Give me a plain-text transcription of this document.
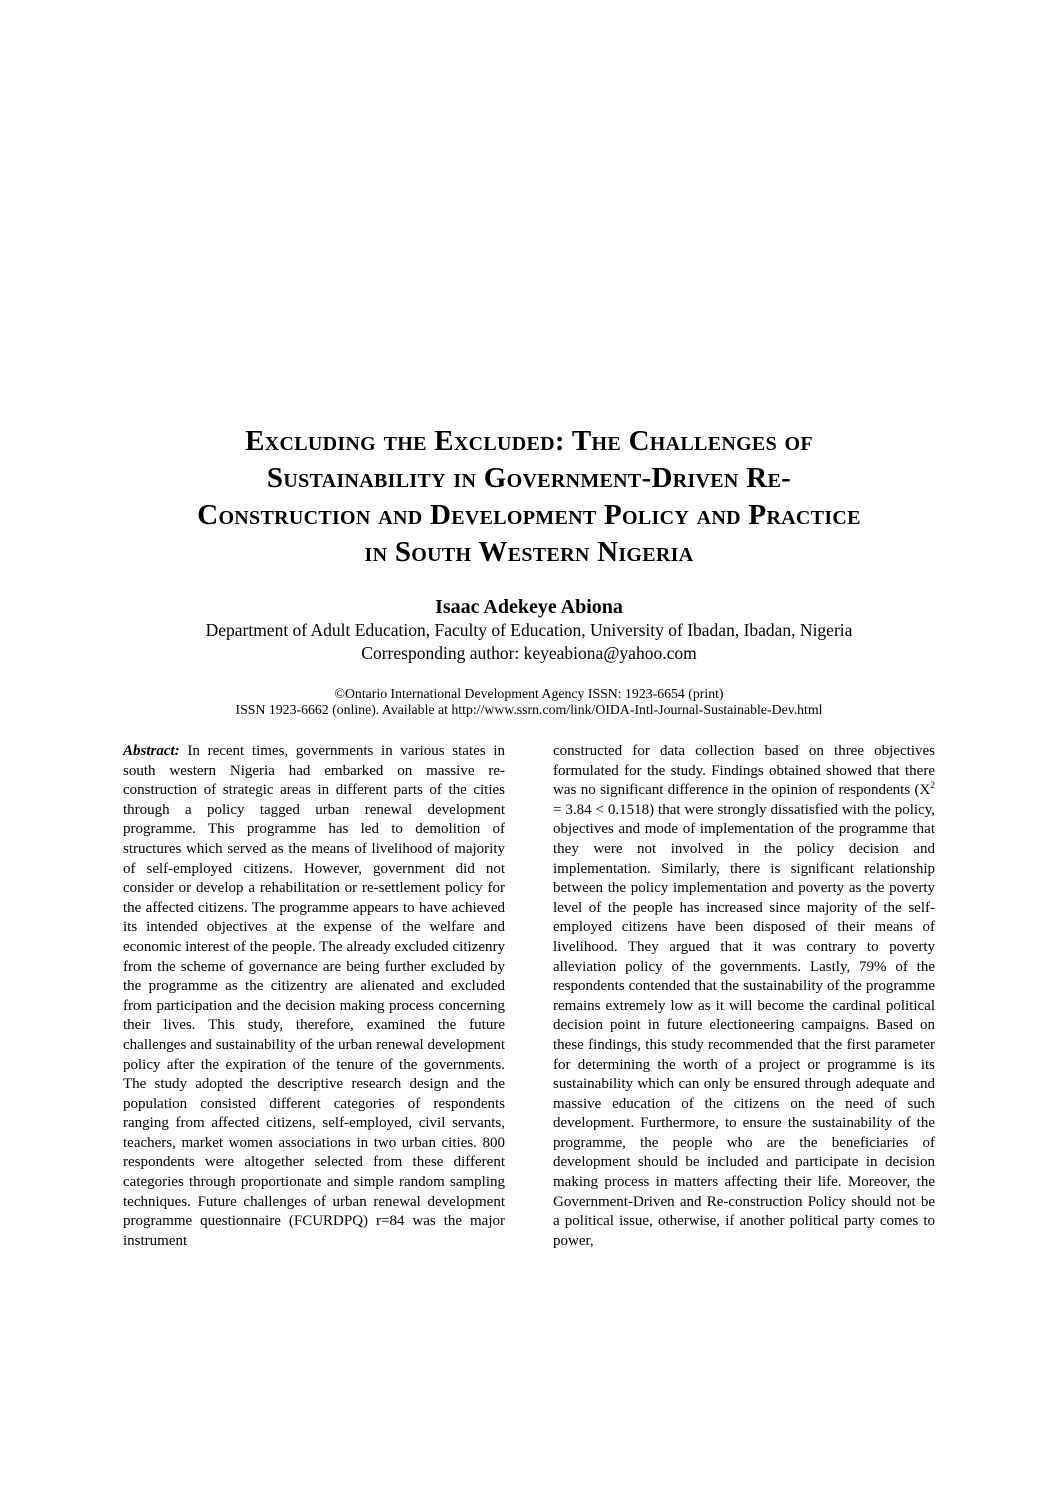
Excluding the Excluded: The Challenges of
Sustainability in Government-Driven Re-
Construction and Development Policy and Practice
in South Western Nigeria
Isaac Adekeye Abiona
Department of Adult Education, Faculty of Education, University of Ibadan, Ibadan, Nigeria
Corresponding author: keyeabiona@yahoo.com
©Ontario International Development Agency ISSN: 1923-6654 (print)
ISSN 1923-6662 (online). Available at http://www.ssrn.com/link/OIDA-Intl-Journal-Sustainable-Dev.html

Abstract: In recent times, governments in various states in south western Nigeria had embarked on massive re-construction of strategic areas in different parts of the cities through a policy tagged urban renewal development programme. This programme has led to demolition of structures which served as the means of livelihood of majority of self-employed citizens. However, government did not consider or develop a rehabilitation or re-settlement policy for the affected citizens. The programme appears to have achieved its intended objectives at the expense of the welfare and economic interest of the people. The already excluded citizenry from the scheme of governance are being further excluded by the programme as the citizentry are alienated and excluded from participation and the decision making process concerning their lives. This study, therefore, examined the future challenges and sustainability of the urban renewal development policy after the expiration of the tenure of the governments. The study adopted the descriptive research design and the population consisted different categories of respondents ranging from affected citizens, self-employed, civil servants, teachers, market women associations in two urban cities. 800 respondents were altogether selected from these different categories through proportionate and simple random sampling techniques. Future challenges of urban renewal development programme questionnaire (FCURDPQ) r=84 was the major instrument

constructed for data collection based on three objectives formulated for the study. Findings obtained showed that there was no significant difference in the opinion of respondents $(X^2 = 3.84 < 0.1518)$ that were strongly dissatisfied with the policy, objectives and mode of implementation of the programme that they were not involved in the policy decision and implementation. Similarly, there is significant relationship between the policy implementation and poverty as the poverty level of the people has increased since majority of the self-employed citizens have been disposed of their means of livelihood. They argued that it was contrary to poverty alleviation policy of the governments. Lastly, 79% of the respondents contended that the sustainability of the programme remains extremely low as it will become the cardinal political decision point in future electioneering campaigns. Based on these findings, this study recommended that the first parameter for determining the worth of a project or programme is its sustainability which can only be ensured through adequate and massive education of the citizens on the need of such development. Furthermore, to ensure the sustainability of the programme, the people who are the beneficiaries of development should be included and participate in decision making process in matters affecting their life. Moreover, the Government-Driven and Re-construction Policy should not be a political issue, otherwise, if another political party comes to power,
